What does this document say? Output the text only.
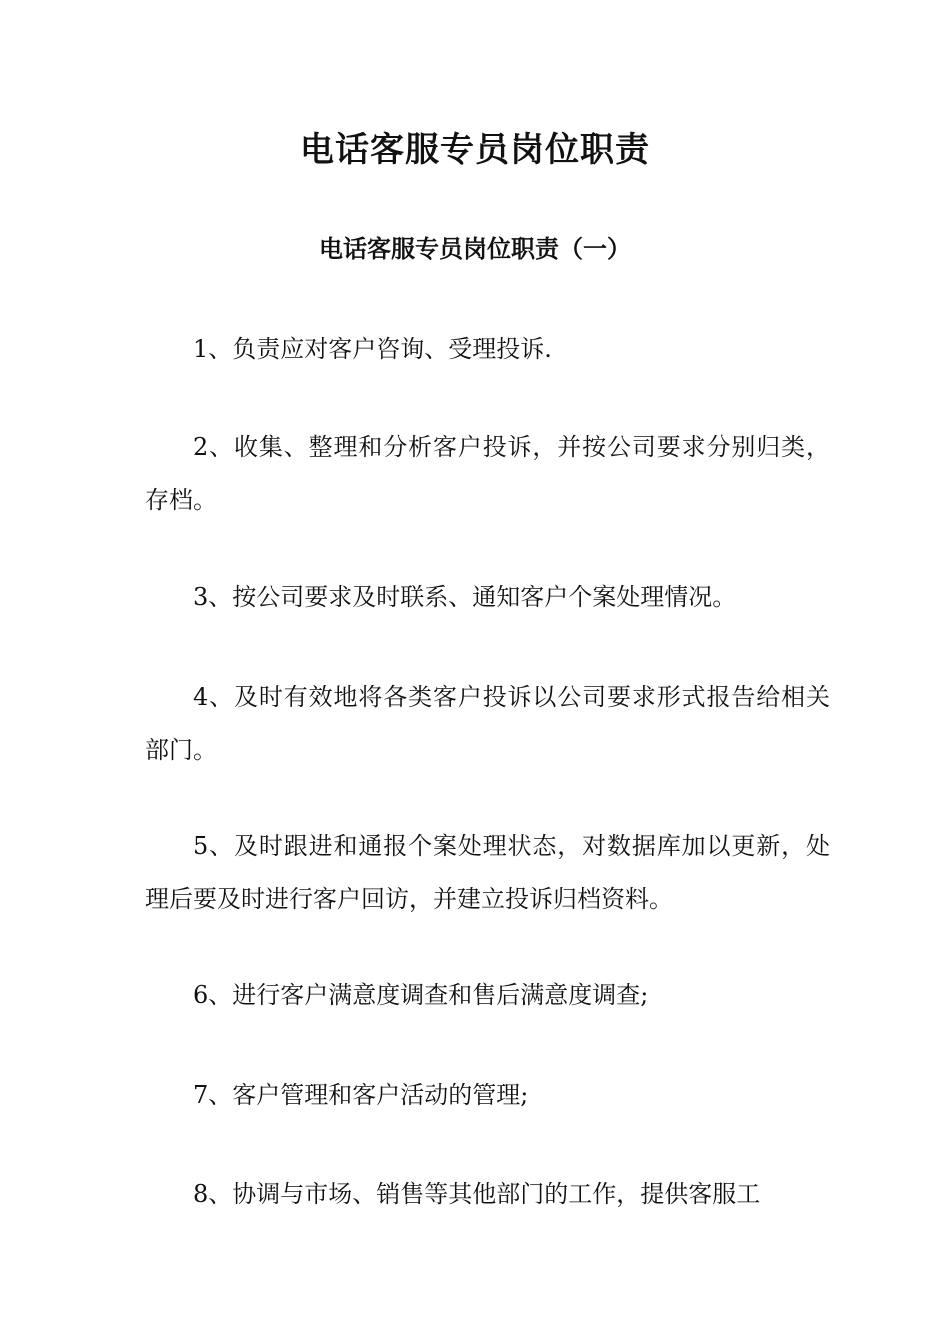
电话客服专员岗位职责
电话客服专员岗位职责（一）

1、负责应对客户咨询、受理投诉.

2、收集、整理和分析客户投诉，并按公司要求分别归类，存档。

3、按公司要求及时联系、通知客户个案处理情况。

4、及时有效地将各类客户投诉以公司要求形式报告给相关部门。

5、及时跟进和通报个案处理状态，对数据库加以更新，处理后要及时进行客户回访，并建立投诉归档资料。

6、进行客户满意度调查和售后满意度调查;

7、客户管理和客户活动的管理;

8、协调与市场、销售等其他部门的工作，提供客服工
